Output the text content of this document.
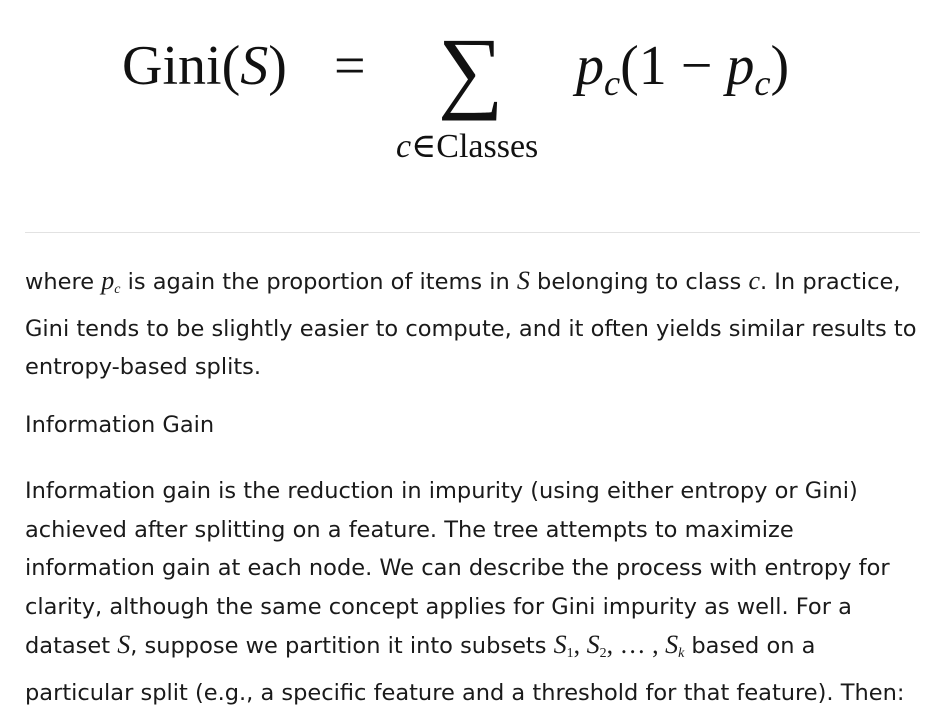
Gini(S) = ∑
c∈Classes
$p_c(1 - p_c)$
where $p_c$ is again the proportion of items in S belonging to class c. In practice, Gini tends to be slightly easier to compute, and it often yields similar results to entropy-based splits.
Information Gain
Information gain is the reduction in impurity (using either entropy or Gini) achieved after splitting on a feature. The tree attempts to maximize information gain at each node. We can describe the process with entropy for clarity, although the same concept applies for Gini impurity as well. For a dataset S, suppose we partition it into subsets $S_1$, $S_2$, … , $S_k$ based on a particular split (e.g., a specific feature and a threshold for that feature). Then:
